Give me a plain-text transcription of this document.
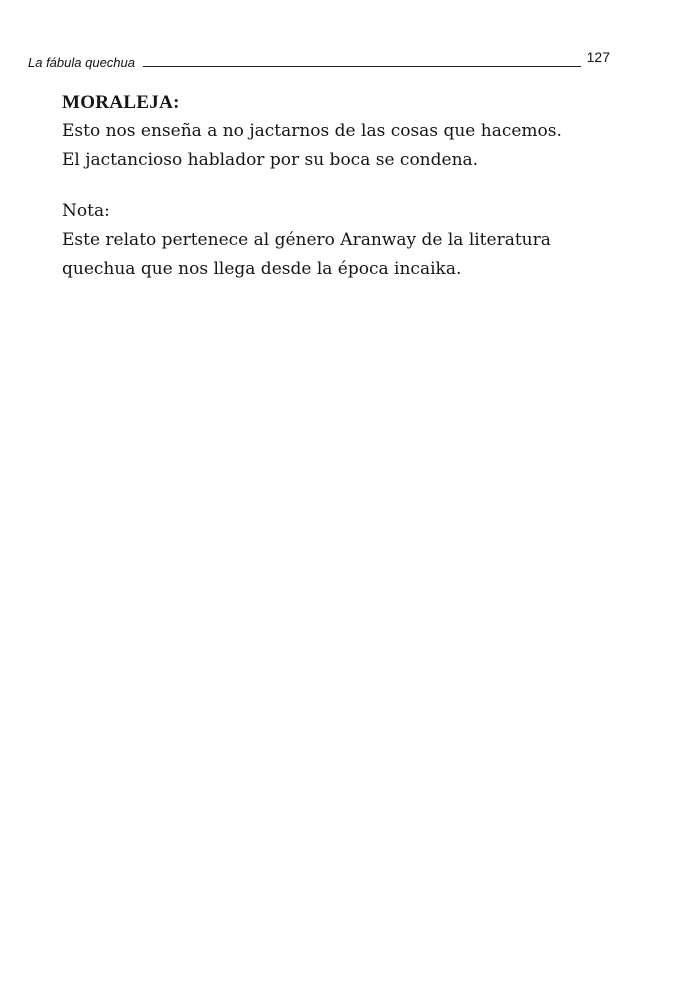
La fábula quechua	127

MORALEJA:

Esto nos enseña a no jactarnos de las cosas que hacemos.

El jactancioso hablador por su boca se condena.

Nota:

Este relato pertenece al género Aranway de la literatura

quechua que nos llega desde la época incaika.
